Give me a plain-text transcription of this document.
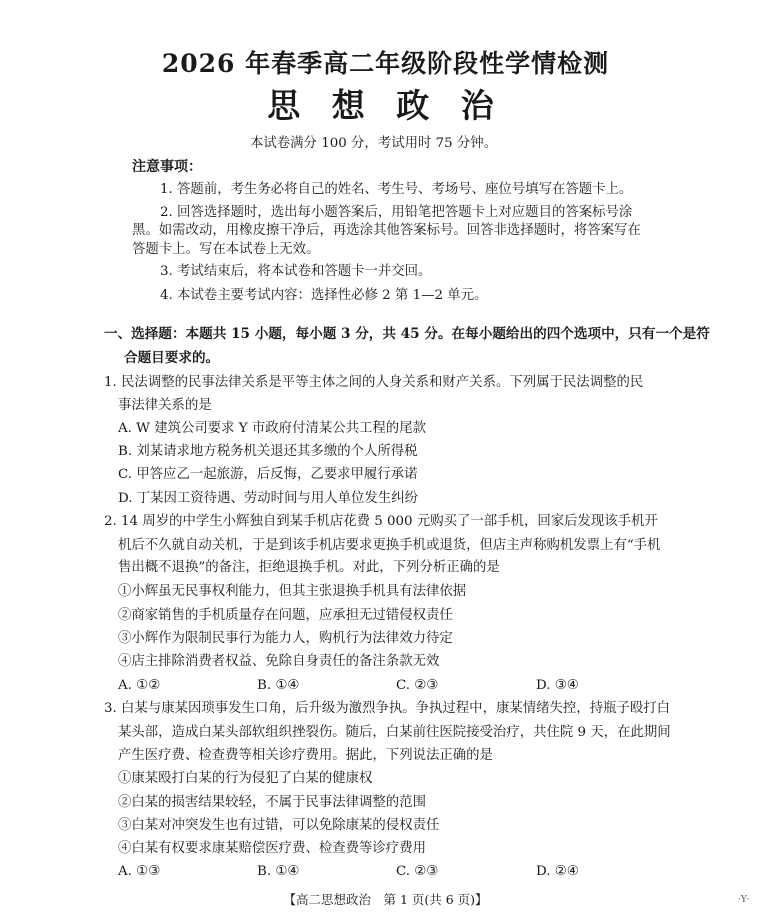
2026 年春季高二年级阶段性学情检测
思 想 政 治
本试卷满分 100 分，考试用时 75 分钟。
注意事项：
1. 答题前，考生务必将自己的姓名、考生号、考场号、座位号填写在答题卡上。
2. 回答选择题时，选出每小题答案后，用铅笔把答题卡上对应题目的答案标号涂
黑。如需改动，用橡皮擦干净后，再选涂其他答案标号。回答非选择题时，将答案写在
答题卡上。写在本试卷上无效。
3. 考试结束后，将本试卷和答题卡一并交回。
4. 本试卷主要考试内容：选择性必修 2 第 1—2 单元。
一、选择题：本题共 15 小题，每小题 3 分，共 45 分。在每小题给出的四个选项中，只有一个是符
合题目要求的。
1. 民法调整的民事法律关系是平等主体之间的人身关系和财产关系。下列属于民法调整的民
事法律关系的是
A. W 建筑公司要求 Y 市政府付清某公共工程的尾款
B. 刘某请求地方税务机关退还其多缴的个人所得税
C. 甲答应乙一起旅游，后反悔，乙要求甲履行承诺
D. 丁某因工资待遇、劳动时间与用人单位发生纠纷
2. 14 周岁的中学生小辉独自到某手机店花费 5 000 元购买了一部手机，回家后发现该手机开
机后不久就自动关机，于是到该手机店要求更换手机或退货，但店主声称购机发票上有“手机
售出概不退换”的备注，拒绝退换手机。对此，下列分析正确的是
①小辉虽无民事权利能力，但其主张退换手机具有法律依据
②商家销售的手机质量存在问题，应承担无过错侵权责任
③小辉作为限制民事行为能力人，购机行为法律效力待定
④店主排除消费者权益、免除自身责任的备注条款无效
A. ①②	B. ①④	C. ②③	D. ③④
3. 白某与康某因琐事发生口角，后升级为激烈争执。争执过程中，康某情绪失控，持瓶子殴打白
某头部，造成白某头部软组织挫裂伤。随后，白某前往医院接受治疗，共住院 9 天，在此期间
产生医疗费、检查费等相关诊疗费用。据此，下列说法正确的是
①康某殴打白某的行为侵犯了白某的健康权
②白某的损害结果较轻，不属于民事法律调整的范围
③白某对冲突发生也有过错，可以免除康某的侵权责任
④白某有权要求康某赔偿医疗费、检查费等诊疗费用
A. ①③	B. ①④	C. ②③	D. ②④
【高二思想政治　第 1 页(共 6 页)】	·Y·
